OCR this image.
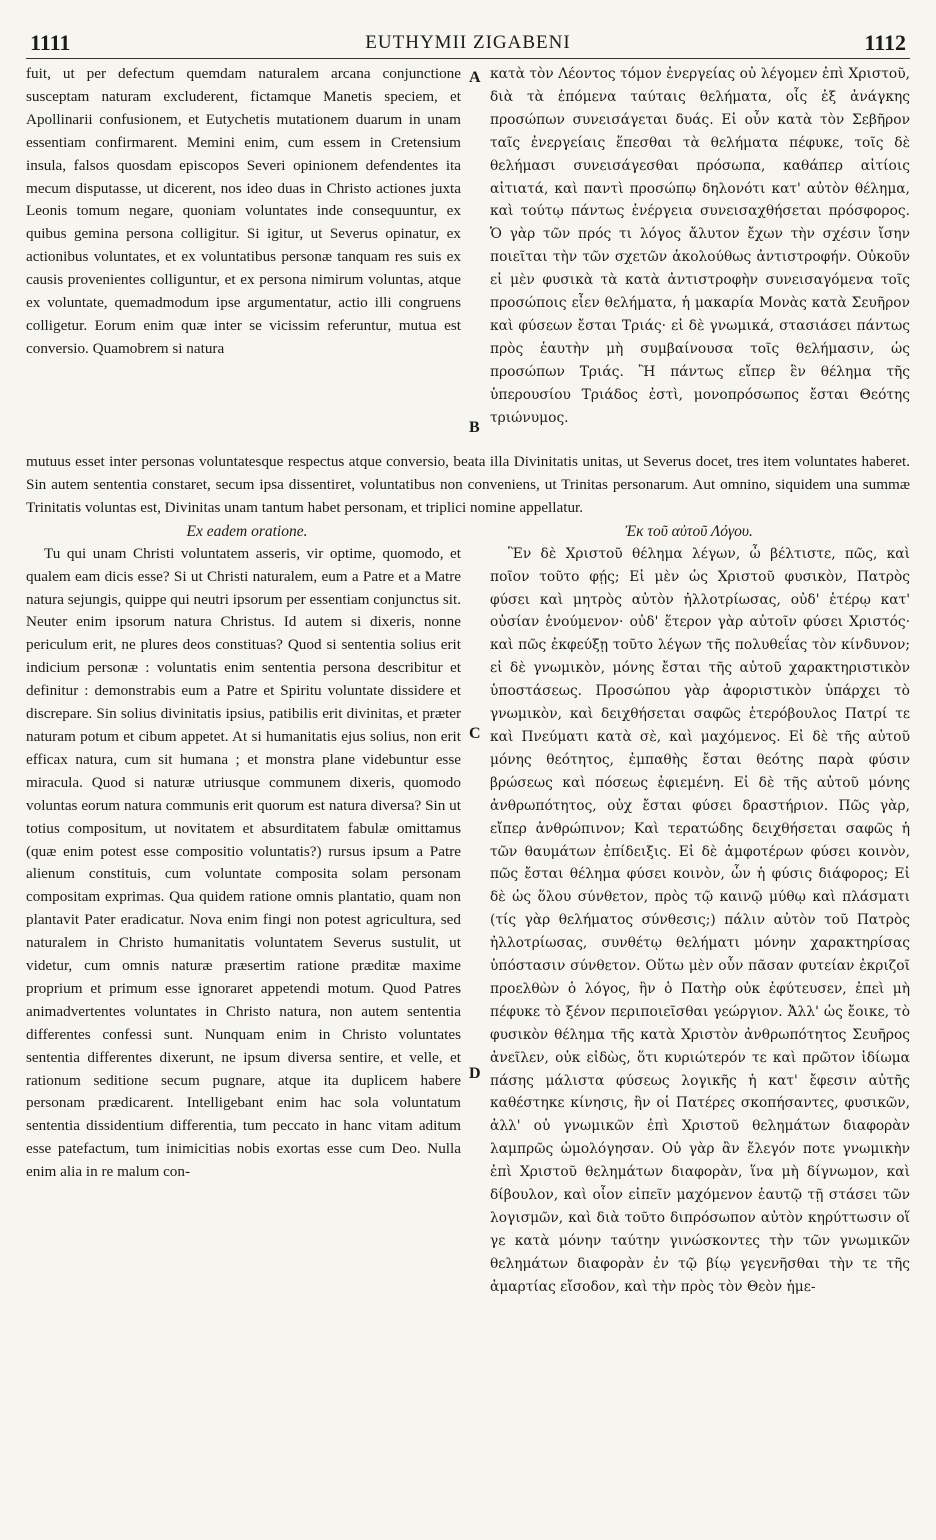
1111	EUTHYMII ZIGABENI	1112

fuit, ut per defectum quemdam naturalem arcana conjunctione susceptam naturam excluderent, fictamque Manetis speciem, et Apollinarii confusionem, et Eutychetis mutationem duarum in unam essentiam confirmarent. Memini enim, cum essem in Cretensium insula, falsos quosdam episcopos Severi opinionem defendentes ita mecum disputasse, ut dicerent, nos ideo duas in Christo actiones juxta Leonis tomum negare, quoniam voluntates inde consequuntur, ex quibus gemina persona colligitur. Si igitur, ut Severus opinatur, ex actionibus voluntates, et ex voluntatibus personæ tanquam res suis ex causis provenientes colliguntur, et ex persona nimirum voluntas, atque ex voluntate, quemadmodum ipse argumentatur, actio illi congruens colligetur. Eorum enim quæ inter se vicissim referuntur, mutua est conversio. Quamobrem si natura

A
B

κατὰ τὸν Λέοντος τόμον ἐνεργείας οὐ λέγομεν ἐπὶ Χριστοῦ, διὰ τὰ ἑπόμενα ταύταις θελήματα, οἷς ἐξ ἀνάγκης προσώπων συνεισάγεται δυάς. Εἰ οὖν κατὰ τὸν Σεβῆρον ταῖς ἐνεργείαις ἕπεσθαι τὰ θελήματα πέφυκε, τοῖς δὲ θελήμασι συνεισάγεσθαι πρόσωπα, καθάπερ αἰτίοις αἰτιατά, καὶ παντὶ προσώπῳ δηλονότι κατ' αὐτὸν θέλημα, καὶ τούτῳ πάντως ἐνέργεια συνεισαχθήσεται πρόσφορος. Ὁ γὰρ τῶν πρός τι λόγος ἄλυτον ἔχων τὴν σχέσιν ἴσην ποιεῖται τὴν τῶν σχετῶν ἀκολούθως ἀντιστροφήν. Οὐκοῦν εἰ μὲν φυσικὰ τὰ κατὰ ἀντιστροφὴν συνεισαγόμενα τοῖς προσώποις εἶεν θελήματα, ἡ μακαρία Μονὰς κατὰ Σευῆρον καὶ φύσεων ἔσται Τριάς· εἰ δὲ γνωμικά, στασιάσει πάντως πρὸς ἑαυτὴν μὴ συμβαίνουσα τοῖς θελήμασιν, ὡς προσώπων Τριάς. Ἢ πάντως εἴπερ ἓν θέλημα τῆς ὑπερουσίου Τριάδος ἐστὶ, μονοπρόσωπος ἔσται Θεότης τριώνυμος.

mutuus esset inter personas voluntatesque respectus atque conversio, beata illa Divinitatis unitas, ut Severus docet, tres item voluntates haberet. Sin autem sententia constaret, secum ipsa dissentiret, voluntatibus non conveniens, ut Trinitas personarum. Aut omnino, siquidem una summæ Trinitatis voluntas est, Divinitas unam tantum habet personam, et triplici nomine appellatur.

Ex eadem oratione.	Ἐκ τοῦ αὐτοῦ Λόγου.

Tu qui unam Christi voluntatem asseris, vir optime, quomodo, et qualem eam dicis esse? Si ut Christi naturalem, eum a Patre et a Matre natura sejungis, quippe qui neutri ipsorum per essentiam conjunctus sit. Neuter enim ipsorum natura Christus. Id autem si dixeris, nonne periculum erit, ne plures deos constituas? Quod si sententia solius erit indicium personæ : voluntatis enim sententia persona describitur et definitur : demonstrabis eum a Patre et Spiritu voluntate dissidere et discrepare. Sin solius divinitatis ipsius, patibilis erit divinitas, et præter naturam potum et cibum appetet. At si humanitatis ejus solius, non erit efficax natura, cum sit humana ; et monstra plane videbuntur esse miracula. Quod si naturæ utriusque communem dixeris, quomodo voluntas eorum natura communis erit quorum est natura diversa? Sin ut totius compositum, ut novitatem et absurditatem fabulæ omittamus (quæ enim potest esse compositio voluntatis?) rursus ipsum a Patre alienum constituis, cum voluntate composita solam personam compositam exprimas. Qua quidem ratione omnis plantatio, quam non plantavit Pater eradicatur. Nova enim fingi non potest agricultura, sed naturalem in Christo humanitatis voluntatem Severus sustulit, ut videtur, cum omnis naturæ præsertim ratione præditæ maxime proprium et primum esse ignoraret appetendi motum. Quod Patres animadvertentes voluntates in Christo natura, non autem sententia differentes confessi sunt. Nunquam enim in Christo voluntates sententia differentes dixerunt, ne ipsum diversa sentire, et velle, et rationum seditione secum pugnare, atque ita duplicem habere personam prædicarent. Intelligebant enim hac sola voluntatum sententia dissidentium differentia, tum peccato in hanc vitam aditum esse patefactum, tum inimicitias nobis exortas esse cum Deo. Nulla enim alia in re malum con-

C
D

Ἓν δὲ Χριστοῦ θέλημα λέγων, ὦ βέλτιστε, πῶς, καὶ ποῖον τοῦτο φῄς; Εἰ μὲν ὡς Χριστοῦ φυσικὸν, Πατρὸς φύσει καὶ μητρὸς αὐτὸν ἠλλοτρίωσας, οὐδ' ἑτέρῳ κατ' οὐσίαν ἑνούμενον· οὐδ' ἕτερον γὰρ αὐτοῖν φύσει Χριστός· καὶ πῶς ἐκφεύξῃ τοῦτο λέγων τῆς πολυθεΐας τὸν κίνδυνον; εἰ δὲ γνωμικὸν, μόνης ἔσται τῆς αὐτοῦ χαρακτηριστικὸν ὑποστάσεως. Προσώπου γὰρ ἀφοριστικὸν ὑπάρχει τὸ γνωμικὸν, καὶ δειχθήσεται σαφῶς ἑτερόβουλος Πατρί τε καὶ Πνεύματι κατὰ σὲ, καὶ μαχόμενος. Εἰ δὲ τῆς αὐτοῦ μόνης θεότητος, ἐμπαθὴς ἔσται θεότης παρὰ φύσιν βρώσεως καὶ πόσεως ἐφιεμένη. Εἰ δὲ τῆς αὐτοῦ μόνης ἀνθρωπότητος, οὐχ ἔσται φύσει δραστήριον. Πῶς γὰρ, εἴπερ ἀνθρώπινον; Καὶ τερατώδης δειχθήσεται σαφῶς ἡ τῶν θαυμάτων ἐπίδειξις. Εἰ δὲ ἀμφοτέρων φύσει κοινὸν, πῶς ἔσται θέλημα φύσει κοινὸν, ὧν ἡ φύσις διάφορος; Εἰ δὲ ὡς ὅλου σύνθετον, πρὸς τῷ καινῷ μύθῳ καὶ πλάσματι (τίς γὰρ θελήματος σύνθεσις;) πάλιν αὐτὸν τοῦ Πατρὸς ἠλλοτρίωσας, συνθέτῳ θελήματι μόνην χαρακτηρίσας ὑπόστασιν σύνθετον. Οὕτω μὲν οὖν πᾶσαν φυτείαν ἐκριζοῖ προελθὼν ὁ λόγος, ἣν ὁ Πατὴρ οὐκ ἐφύτευσεν, ἐπεὶ μὴ πέφυκε τὸ ξένον περιποιεῖσθαι γεώργιον. Ἀλλ' ὡς ἔοικε, τὸ φυσικὸν θέλημα τῆς κατὰ Χριστὸν ἀνθρωπότητος Σευῆρος ἀνεῖλεν, οὐκ εἰδὼς, ὅτι κυριώτερόν τε καὶ πρῶτον ἰδίωμα πάσης μάλιστα φύσεως λογικῆς ἡ κατ' ἔφεσιν αὐτῆς καθέστηκε κίνησις, ἣν οἱ Πατέρες σκοπήσαντες, φυσικῶν, ἀλλ' οὐ γνωμικῶν ἐπὶ Χριστοῦ θελημάτων διαφορὰν λαμπρῶς ὡμολόγησαν. Οὐ γὰρ ἂν ἔλεγόν ποτε γνωμικὴν ἐπὶ Χριστοῦ θελημάτων διαφορὰν, ἵνα μὴ δίγνωμον, καὶ δίβουλον, καὶ οἷον εἰπεῖν μαχόμενον ἑαυτῷ τῇ στάσει τῶν λογισμῶν, καὶ διὰ τοῦτο διπρόσωπον αὐτὸν κηρύττωσιν οἵ γε κατὰ μόνην ταύτην γινώσκοντες τὴν τῶν γνωμικῶν θελημάτων διαφορὰν ἐν τῷ βίῳ γεγενῆσθαι τὴν τε τῆς ἁμαρτίας εἴσοδον, καὶ τὴν πρὸς τὸν Θεὸν ἡμε-
